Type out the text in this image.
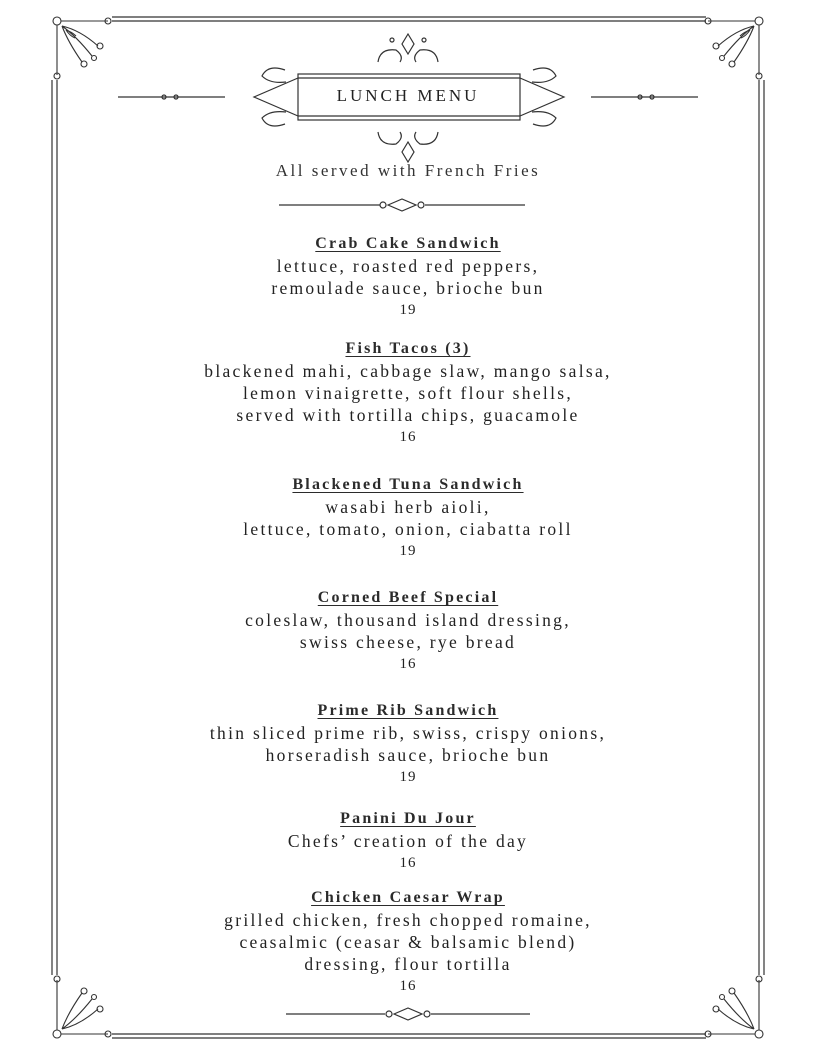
LUNCH MENU
All served with French Fries
Crab Cake Sandwich
lettuce, roasted red peppers,
remoulade sauce, brioche bun
19
Fish Tacos (3)
blackened mahi, cabbage slaw, mango salsa,
lemon vinaigrette, soft flour shells,
served with tortilla chips, guacamole
16
Blackened Tuna Sandwich
wasabi herb aioli,
lettuce, tomato, onion, ciabatta roll
19
Corned Beef Special
coleslaw, thousand island dressing,
swiss cheese, rye bread
16
Prime Rib Sandwich
thin sliced prime rib, swiss, crispy onions,
horseradish sauce, brioche bun
19
Panini Du Jour
Chefs’ creation of the day
16
Chicken Caesar Wrap
grilled chicken, fresh chopped romaine,
ceasalmic (ceasar & balsamic blend)
dressing, flour tortilla
16
